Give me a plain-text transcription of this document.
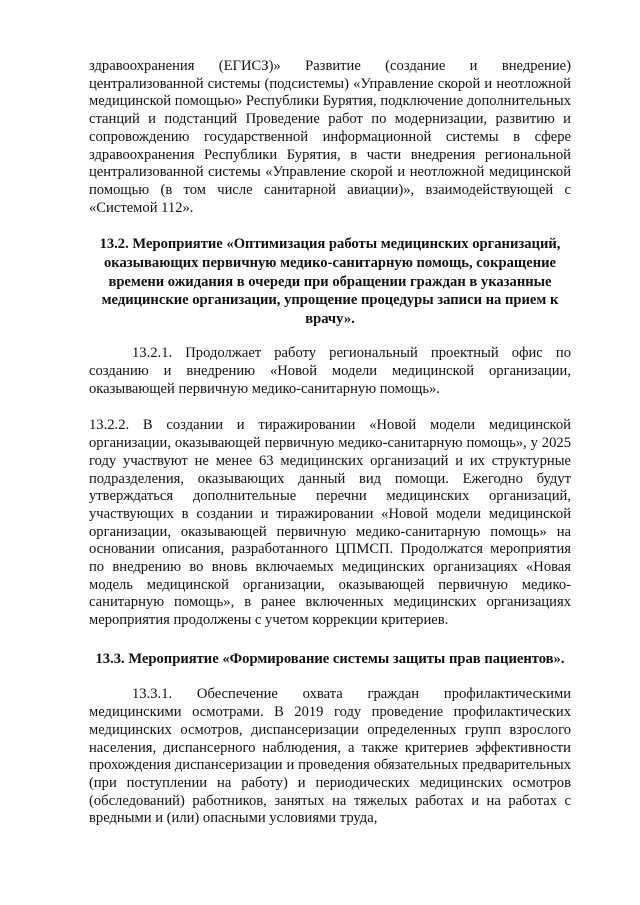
здравоохранения (ЕГИСЗ)» Развитие (создание и внедрение) централизованной системы (подсистемы) «Управление скорой и неотложной медицинской помощью» Республики Бурятия, подключение дополнительных станций и подстанций Проведение работ по модернизации, развитию и сопровождению государственной информационной системы в сфере здравоохранения Республики Бурятия, в части внедрения региональной централизованной системы «Управление скорой и неотложной медицинской помощью (в том числе санитарной авиации)», взаимодействующей с «Системой 112».

13.2. Мероприятие «Оптимизация работы медицинских организаций, оказывающих первичную медико-санитарную помощь, сокращение времени ожидания в очереди при обращении граждан в указанные медицинские организации, упрощение процедуры записи на прием к врачу».

13.2.1. Продолжает работу региональный проектный офис по созданию и внедрению «Новой модели медицинской организации, оказывающей первичную медико-санитарную помощь».

13.2.2. В создании и тиражировании «Новой модели медицинской организации, оказывающей первичную медико-санитарную помощь», у 2025 году участвуют не менее 63 медицинских организаций и их структурные подразделения, оказывающих данный вид помощи. Ежегодно будут утверждаться дополнительные перечни медицинских организаций, участвующих в создании и тиражировании «Новой модели медицинской организации, оказывающей первичную медико-санитарную помощь» на основании описания, разработанного ЦПМСП. Продолжатся мероприятия по внедрению во вновь включаемых медицинских организациях «Новая модель медицинской организации, оказывающей первичную медико-санитарную помощь», в ранее включенных медицинских организациях мероприятия продолжены с учетом коррекции критериев.

13.3. Мероприятие «Формирование системы защиты прав пациентов».

13.3.1. Обеспечение охвата граждан профилактическими медицинскими осмотрами. В 2019 году проведение профилактических медицинских осмотров, диспансеризации определенных групп взрослого населения, диспансерного наблюдения, а также критериев эффективности прохождения диспансеризации и проведения обязательных предварительных (при поступлении на работу) и периодических медицинских осмотров (обследований) работников, занятых на тяжелых работах и на работах с вредными и (или) опасными условиями труда,
